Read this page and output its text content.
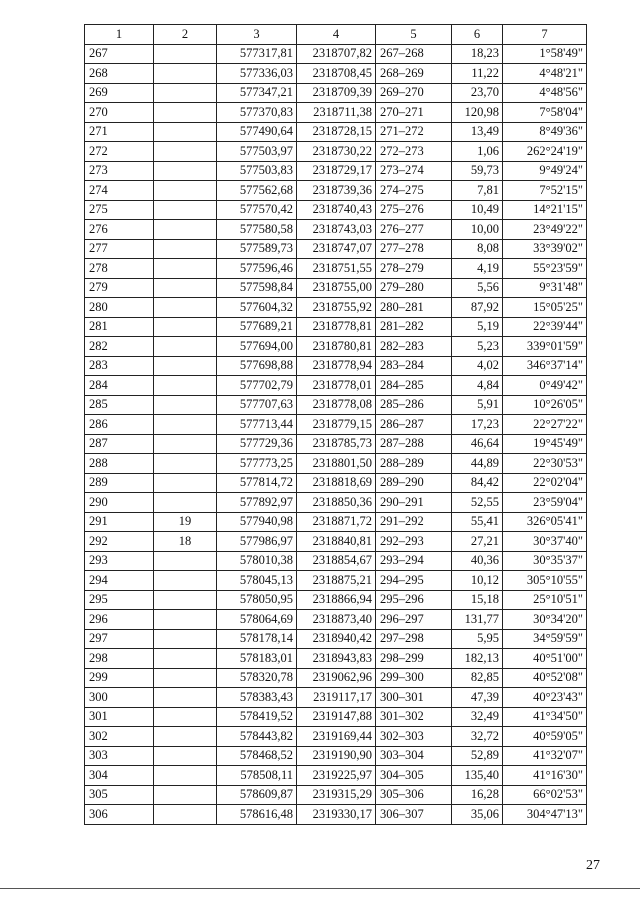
1	2	3	4	5	6	7
267		577317,81	2318707,82	267–268	18,23	1°58'49"
268		577336,03	2318708,45	268–269	11,22	4°48'21"
269		577347,21	2318709,39	269–270	23,70	4°48'56"
270		577370,83	2318711,38	270–271	120,98	7°58'04"
271		577490,64	2318728,15	271–272	13,49	8°49'36"
272		577503,97	2318730,22	272–273	1,06	262°24'19"
273		577503,83	2318729,17	273–274	59,73	9°49'24"
274		577562,68	2318739,36	274–275	7,81	7°52'15"
275		577570,42	2318740,43	275–276	10,49	14°21'15"
276		577580,58	2318743,03	276–277	10,00	23°49'22"
277		577589,73	2318747,07	277–278	8,08	33°39'02"
278		577596,46	2318751,55	278–279	4,19	55°23'59"
279		577598,84	2318755,00	279–280	5,56	9°31'48"
280		577604,32	2318755,92	280–281	87,92	15°05'25"
281		577689,21	2318778,81	281–282	5,19	22°39'44"
282		577694,00	2318780,81	282–283	5,23	339°01'59"
283		577698,88	2318778,94	283–284	4,02	346°37'14"
284		577702,79	2318778,01	284–285	4,84	0°49'42"
285		577707,63	2318778,08	285–286	5,91	10°26'05"
286		577713,44	2318779,15	286–287	17,23	22°27'22"
287		577729,36	2318785,73	287–288	46,64	19°45'49"
288		577773,25	2318801,50	288–289	44,89	22°30'53"
289		577814,72	2318818,69	289–290	84,42	22°02'04"
290		577892,97	2318850,36	290–291	52,55	23°59'04"
291	19	577940,98	2318871,72	291–292	55,41	326°05'41"
292	18	577986,97	2318840,81	292–293	27,21	30°37'40"
293		578010,38	2318854,67	293–294	40,36	30°35'37"
294		578045,13	2318875,21	294–295	10,12	305°10'55"
295		578050,95	2318866,94	295–296	15,18	25°10'51"
296		578064,69	2318873,40	296–297	131,77	30°34'20"
297		578178,14	2318940,42	297–298	5,95	34°59'59"
298		578183,01	2318943,83	298–299	182,13	40°51'00"
299		578320,78	2319062,96	299–300	82,85	40°52'08"
300		578383,43	2319117,17	300–301	47,39	40°23'43"
301		578419,52	2319147,88	301–302	32,49	41°34'50"
302		578443,82	2319169,44	302–303	32,72	40°59'05"
303		578468,52	2319190,90	303–304	52,89	41°32'07"
304		578508,11	2319225,97	304–305	135,40	41°16'30"
305		578609,87	2319315,29	305–306	16,28	66°02'53"
306		578616,48	2319330,17	306–307	35,06	304°47'13"
27
